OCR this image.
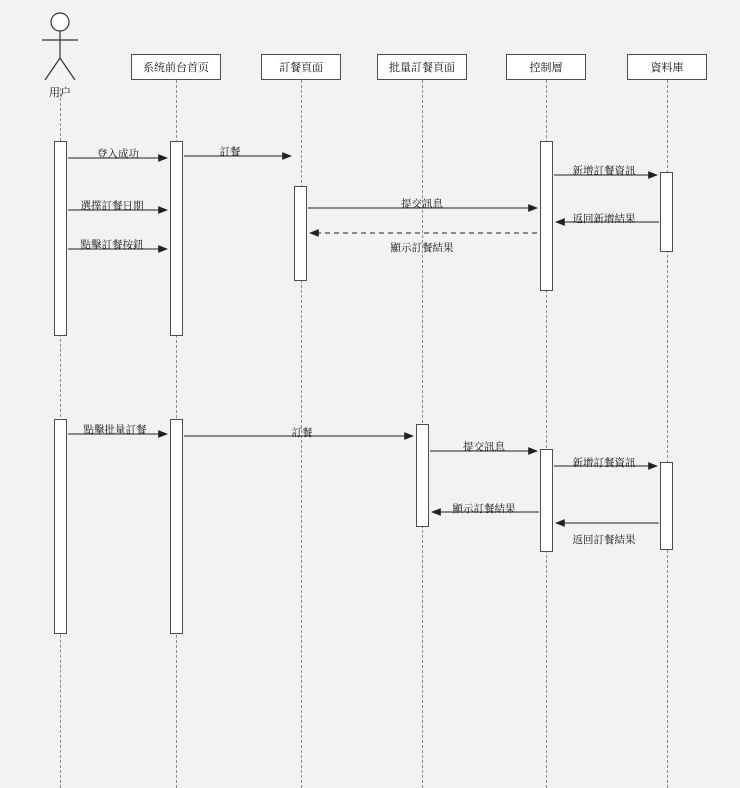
用户
系统前台首页	訂餐頁面	批量訂餐頁面	控制層	資料庫
登入成功	訂餐
新增訂餐資訊
選擇訂餐日期	提交訊息
返回新增結果
點擊訂餐按鈕	顯示訂餐結果
點擊批量訂餐	訂餐
提交訊息
新增訂餐資訊
顯示訂餐結果
返回訂餐結果
